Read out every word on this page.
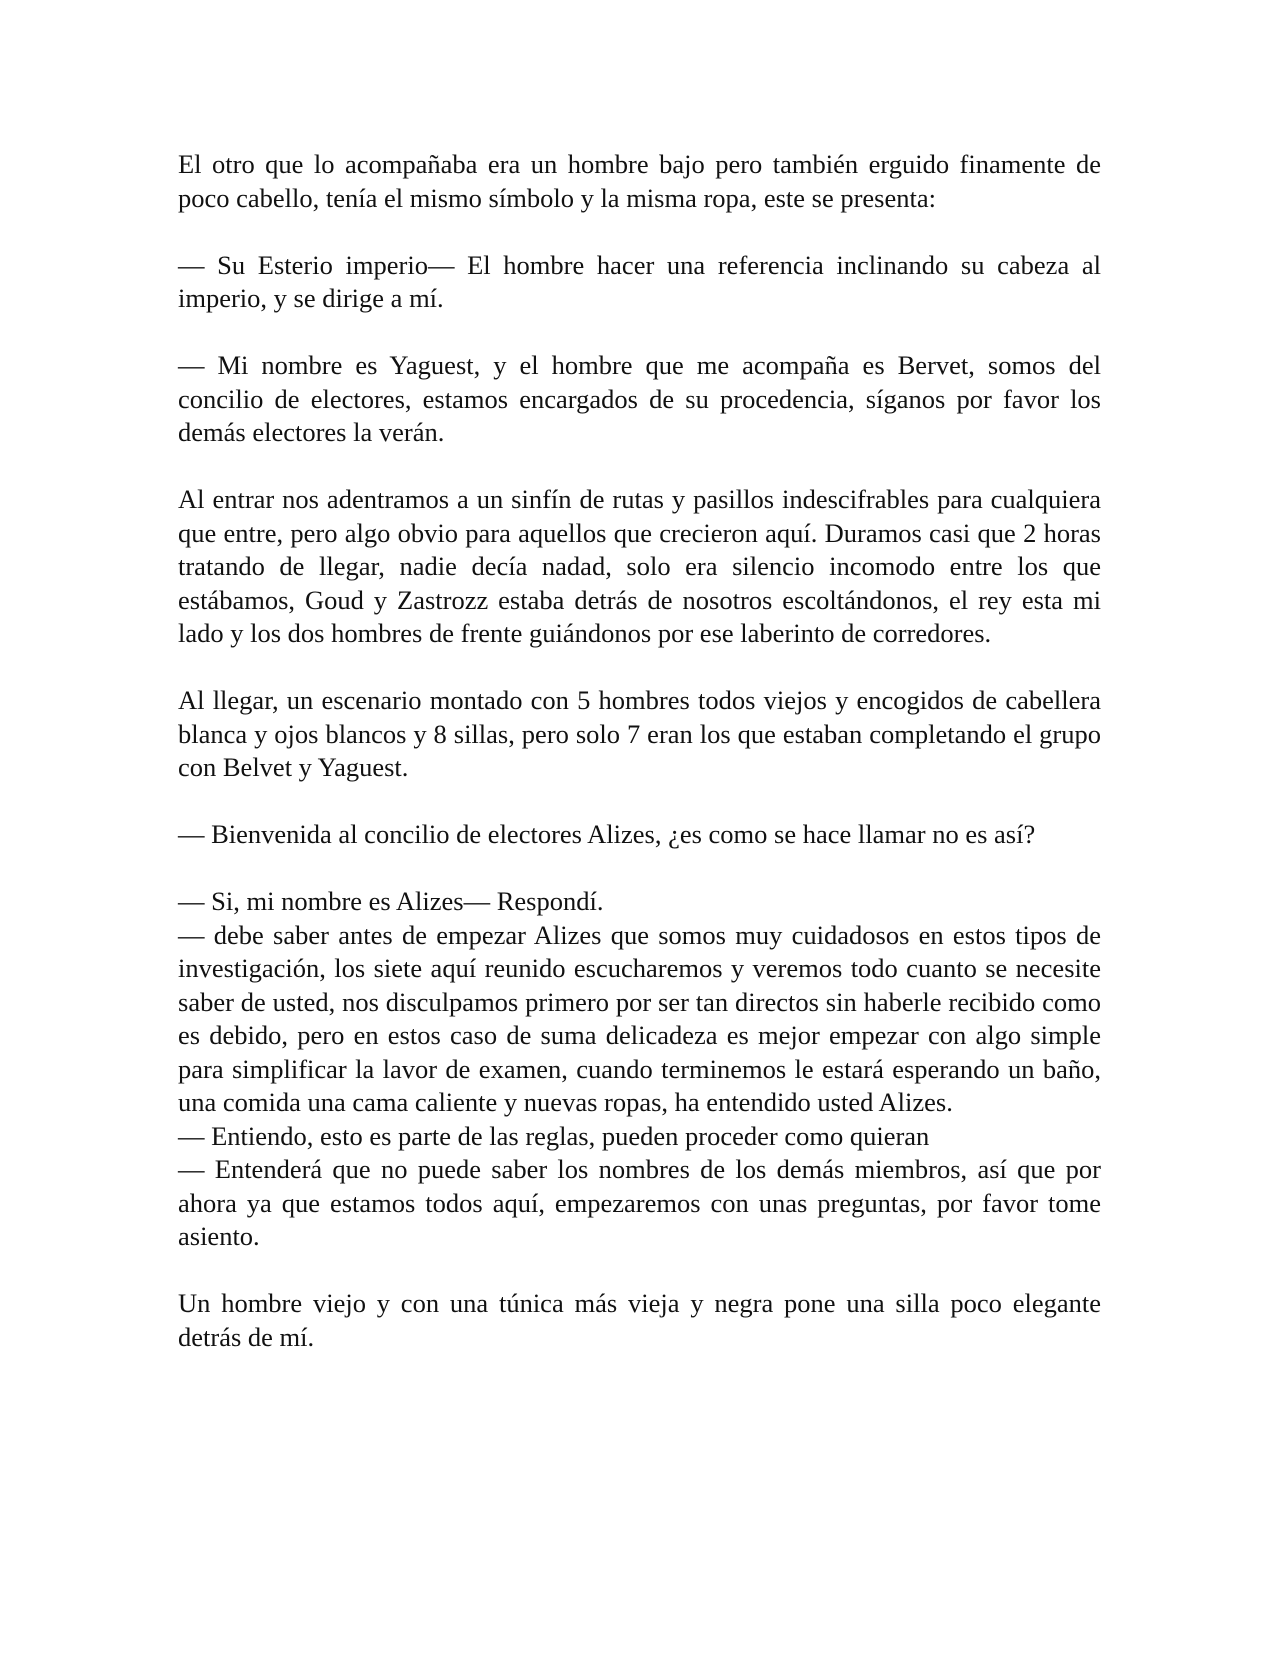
El otro que lo acompañaba era un hombre bajo pero también erguido finamente de poco cabello, tenía el mismo símbolo y la misma ropa, este se presenta:

— Su Esterio imperio— El hombre hacer una referencia inclinando su cabeza al imperio, y se dirige a mí.

— Mi nombre es Yaguest, y el hombre que me acompaña es Bervet, somos del concilio de electores, estamos encargados de su procedencia, síganos por favor los demás electores la verán.

Al entrar nos adentramos a un sinfín de rutas y pasillos indescifrables para cualquiera que entre, pero algo obvio para aquellos que crecieron aquí. Duramos casi que 2 horas tratando de llegar, nadie decía nadad, solo era silencio incomodo entre los que estábamos, Goud y Zastrozz estaba detrás de nosotros escoltándonos, el rey esta mi lado y los dos hombres de frente guiándonos por ese laberinto de corredores.

Al llegar, un escenario montado con 5 hombres todos viejos y encogidos de cabellera blanca y ojos blancos y 8 sillas, pero solo 7 eran los que estaban completando el grupo con Belvet y Yaguest.

— Bienvenida al concilio de electores Alizes, ¿es como se hace llamar no es así?

— Si, mi nombre es Alizes— Respondí.

— debe saber antes de empezar Alizes que somos muy cuidadosos en estos tipos de investigación, los siete aquí reunido escucharemos y veremos todo cuanto se necesite saber de usted, nos disculpamos primero por ser tan directos sin haberle recibido como es debido, pero en estos caso de suma delicadeza es mejor empezar con algo simple para simplificar la lavor de examen, cuando terminemos le estará esperando un baño, una comida una cama caliente y nuevas ropas, ha entendido usted Alizes.

— Entiendo, esto es parte de las reglas, pueden proceder como quieran

— Entenderá que no puede saber los nombres de los demás miembros, así que por ahora ya que estamos todos aquí, empezaremos con unas preguntas, por favor tome asiento.

Un hombre viejo y con una túnica más vieja y negra pone una silla poco elegante detrás de mí.
